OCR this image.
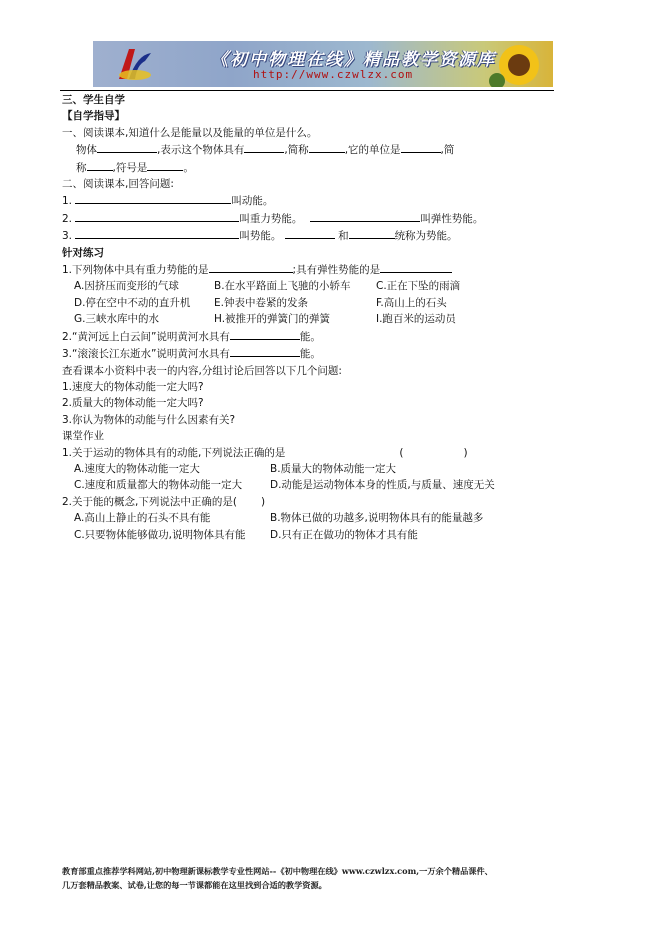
《初中物理在线》精品教学资源库
http://www.czwlzx.com
三、学生自学
【自学指导】
一、阅读课本,知道什么是能量以及能量的单位是什么。
物体	,表示这个物体具有	,简称	,它的单位是	,简
称 ,符号是	。
二、阅读课本,回答问题:
1.	叫动能。
2.	叫重力势能。	叫弹性势能。
3.	叫势能。	和	统称为势能。
针对练习
1.下列物体中具有重力势能的是	;具有弹性势能的是
A.因挤压而变形的气球	B.在水平路面上飞驰的小轿车	C.正在下坠的雨滴
D.停在空中不动的直升机	E.钟表中卷紧的发条	F.高山上的石头
G.三峡水库中的水	H.被推开的弹簧门的弹簧	I.跑百米的运动员
2.“黄河远上白云间”说明黄河水具有	能。
3.“滚滚长江东逝水”说明黄河水具有	能。
查看课本小资料中表一的内容,分组讨论后回答以下几个问题:
1.速度大的物体动能一定大吗?
2.质量大的物体动能一定大吗?
3.你认为物体的动能与什么因素有关?
课堂作业
1.关于运动的物体具有的动能,下列说法正确的是	(	)
A.速度大的物体动能一定大	B.质量大的物体动能一定大
C.速度和质量都大的物体动能一定大	D.动能是运动物体本身的性质,与质量、速度无关
2.关于能的概念,下列说法中正确的是( )
A.高山上静止的石头不具有能	B.物体已做的功越多,说明物体具有的能量越多
C.只要物体能够做功,说明物体具有能	D.只有正在做功的物体才具有能
教育部重点推荐学科网站,初中物理新课标教学专业性网站--《初中物理在线》www.czwlzx.com,一万余个精品课件、
几万套精品教案、试卷,让您的每一节课都能在这里找到合适的教学资源。
